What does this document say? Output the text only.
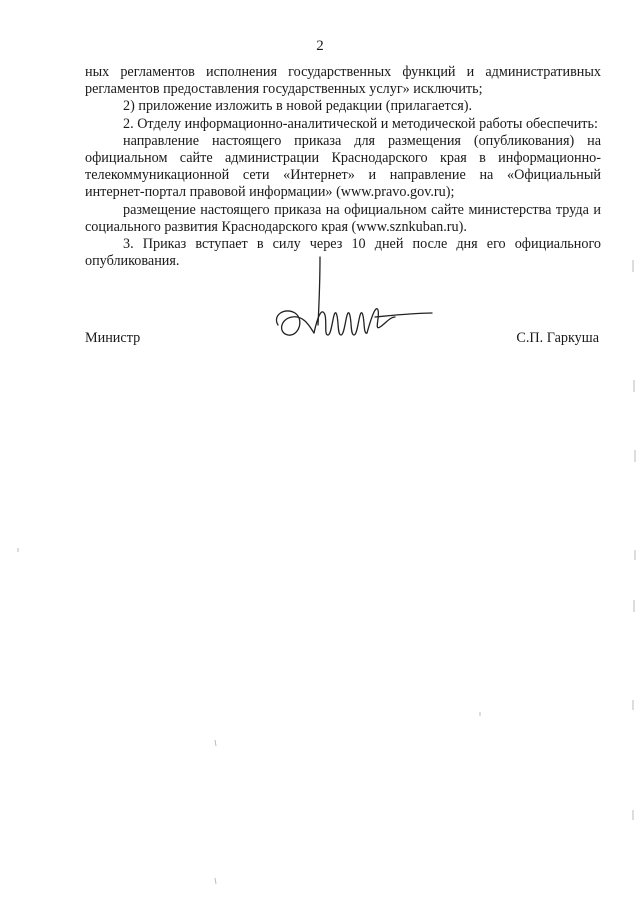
2

ных регламентов исполнения государственных функций и административных регламентов предоставления государственных услуг» исключить;

2) приложение изложить в новой редакции (прилагается).

2. Отделу информационно-аналитической и методической работы обеспечить:

направление настоящего приказа для размещения (опубликования) на официальном сайте администрации Краснодарского края в информационно-телекоммуникационной сети «Интернет» и направление на «Официальный интернет-портал правовой информации» (www.pravo.gov.ru);

размещение настоящего приказа на официальном сайте министерства труда и социального развития Краснодарского края (www.sznkuban.ru).

3. Приказ вступает в силу через 10 дней после дня его официального опубликования.

Министр	С.П. Гаркуша
